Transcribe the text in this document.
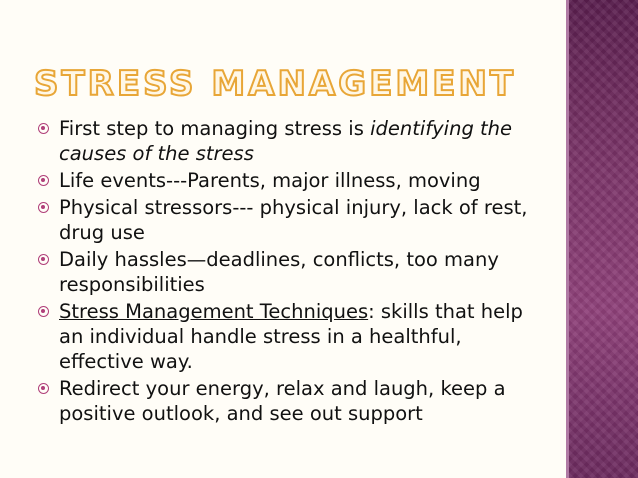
STRESS MANAGEMENT
First step to managing stress is identifying the causes of the stress
Life events---Parents, major illness, moving
Physical stressors--- physical injury, lack of rest, drug use
Daily hassles—deadlines, conflicts, too many responsibilities
Stress Management Techniques: skills that help an individual handle stress in a healthful, effective way.
Redirect your energy, relax and laugh, keep a positive outlook, and see out support
